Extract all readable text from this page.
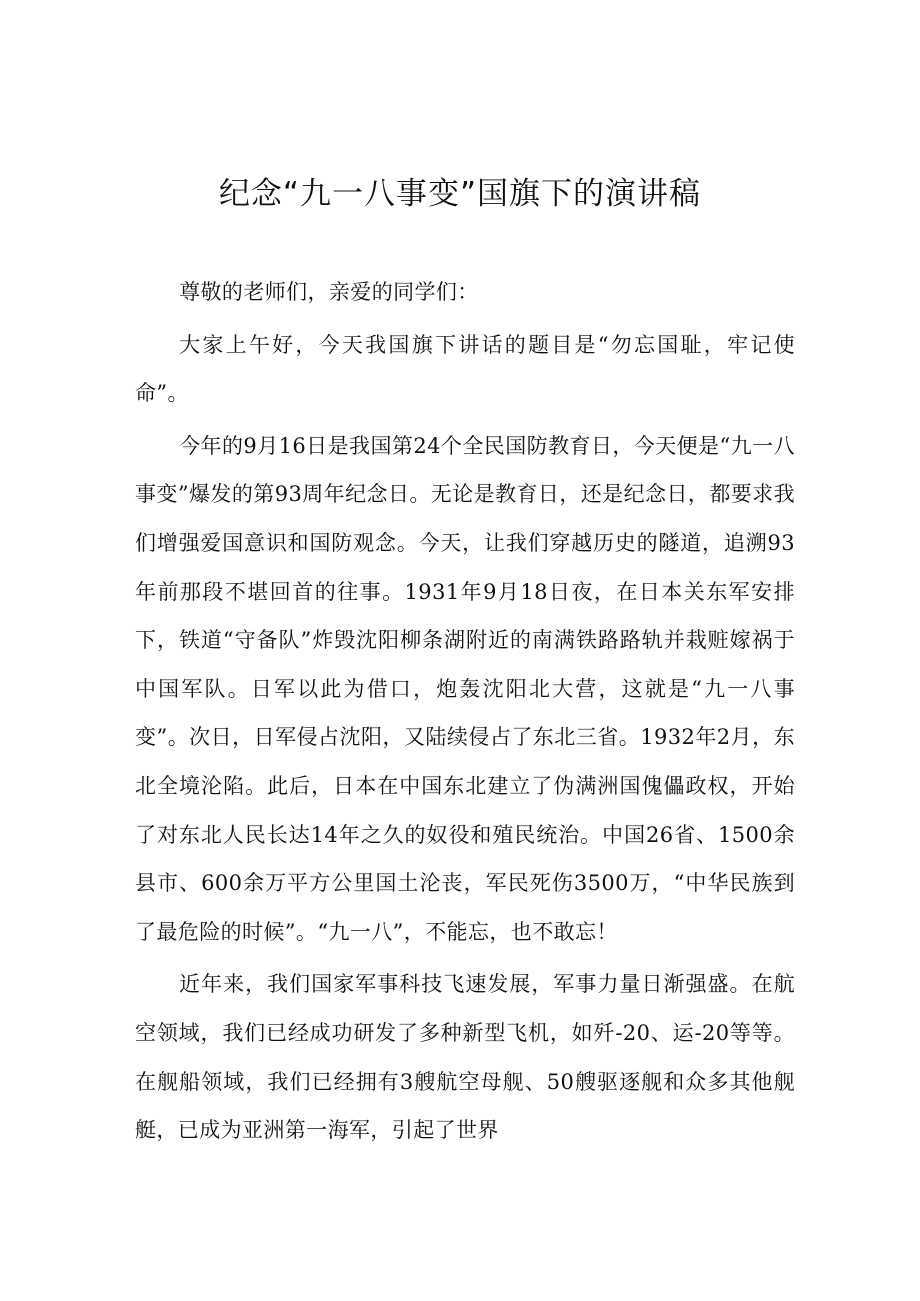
纪念“九一八事变”国旗下的演讲稿

尊敬的老师们，亲爱的同学们：

大家上午好，今天我国旗下讲话的题目是“勿忘国耻，牢记使命”。

今年的9月16日是我国第24个全民国防教育日，今天便是“九一八事变”爆发的第93周年纪念日。无论是教育日，还是纪念日，都要求我们增强爱国意识和国防观念。今天，让我们穿越历史的隧道，追溯93年前那段不堪回首的往事。1931年9月18日夜，在日本关东军安排下，铁道“守备队”炸毁沈阳柳条湖附近的南满铁路路轨并栽赃嫁祸于中国军队。日军以此为借口，炮轰沈阳北大营，这就是“九一八事变”。次日，日军侵占沈阳，又陆续侵占了东北三省。1932年2月，东北全境沦陷。此后，日本在中国东北建立了伪满洲国傀儡政权，开始了对东北人民长达14年之久的奴役和殖民统治。中国26省、1500余县市、600余万平方公里国土沦丧，军民死伤3500万，“中华民族到了最危险的时候”。“九一八”，不能忘，也不敢忘！

近年来，我们国家军事科技飞速发展，军事力量日渐强盛。在航空领域，我们已经成功研发了多种新型飞机，如歼-20、运-20等等。在舰船领域，我们已经拥有3艘航空母舰、50艘驱逐舰和众多其他舰艇，已成为亚洲第一海军，引起了世界
